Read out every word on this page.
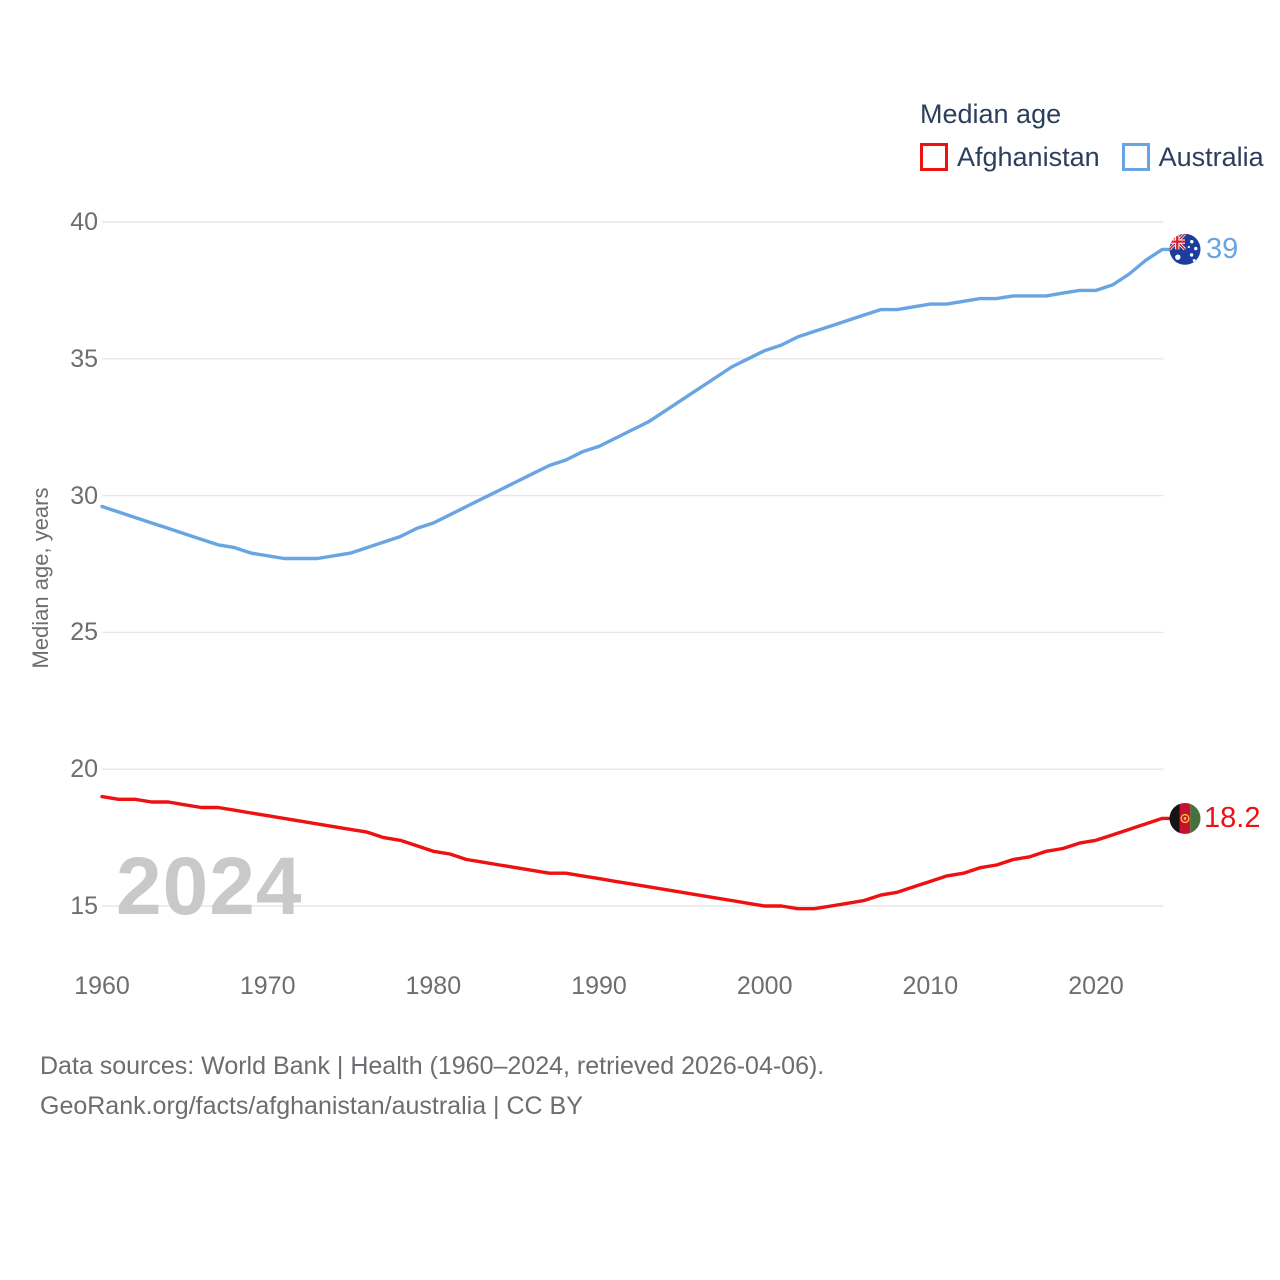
Median age
Afghanistan Australia
Median age, years
40
35
30
25
20
15
1960	1970	1980	1990	2000	2010	2020
2024
18.2
39
Data sources: World Bank | Health (1960–2024, retrieved 2026-04-06).
GeoRank.org/facts/afghanistan/australia | CC BY
